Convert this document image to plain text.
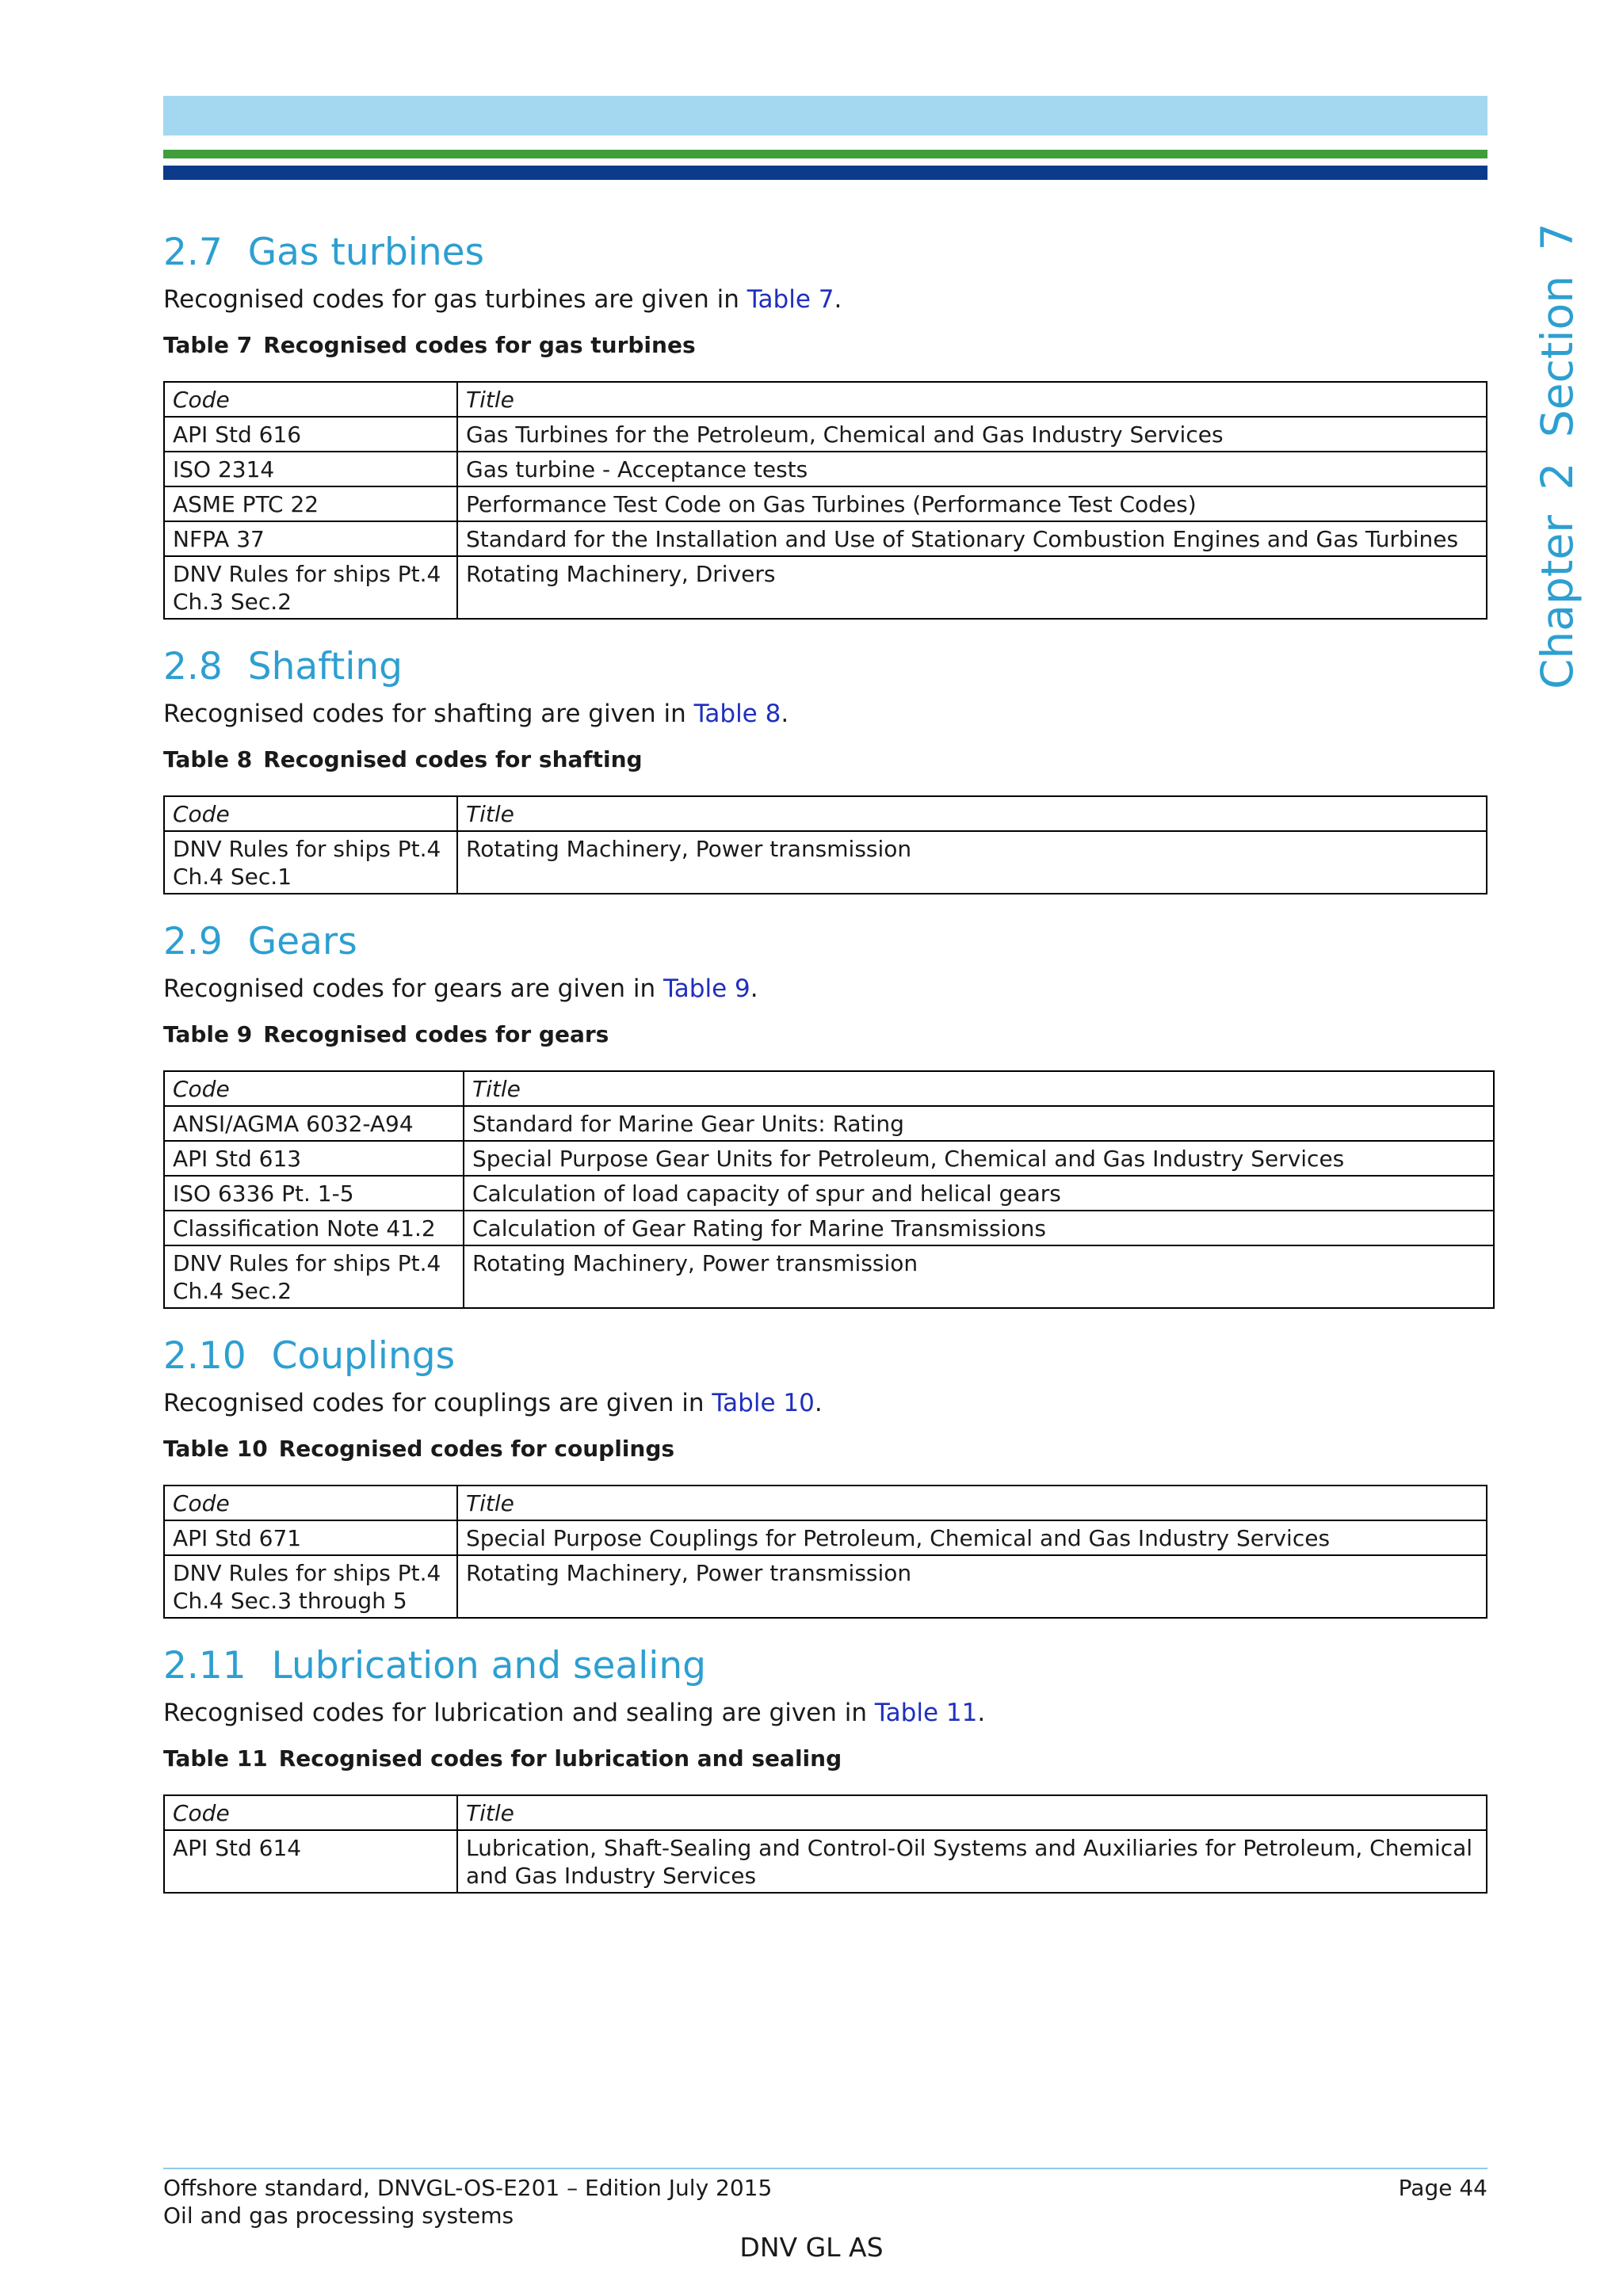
Chapter 2 Section 7
2.7 Gas turbines

Recognised codes for gas turbines are given in Table 7.

Table 7 Recognised codes for gas turbines
Code	Title
API Std 616	Gas Turbines for the Petroleum, Chemical and Gas Industry Services
ISO 2314	Gas turbine - Acceptance tests
ASME PTC 22	Performance Test Code on Gas Turbines (Performance Test Codes)
NFPA 37	Standard for the Installation and Use of Stationary Combustion Engines and Gas Turbines
DNV Rules for ships Pt.4 Ch.3 Sec.2	Rotating Machinery, Drivers
2.8 Shafting

Recognised codes for shafting are given in Table 8.

Table 8 Recognised codes for shafting
Code	Title
DNV Rules for ships Pt.4 Ch.4 Sec.1	Rotating Machinery, Power transmission
2.9 Gears

Recognised codes for gears are given in Table 9.

Table 9 Recognised codes for gears
Code	Title
ANSI/AGMA 6032-A94	Standard for Marine Gear Units: Rating
API Std 613	Special Purpose Gear Units for Petroleum, Chemical and Gas Industry Services
ISO 6336 Pt. 1-5	Calculation of load capacity of spur and helical gears
Classification Note 41.2	Calculation of Gear Rating for Marine Transmissions
DNV Rules for ships Pt.4 Ch.4 Sec.2	Rotating Machinery, Power transmission
2.10 Couplings

Recognised codes for couplings are given in Table 10.

Table 10 Recognised codes for couplings
Code	Title
API Std 671	Special Purpose Couplings for Petroleum, Chemical and Gas Industry Services
DNV Rules for ships Pt.4 Ch.4 Sec.3 through 5	Rotating Machinery, Power transmission
2.11 Lubrication and sealing

Recognised codes for lubrication and sealing are given in Table 11.

Table 11 Recognised codes for lubrication and sealing
Code	Title
API Std 614	Lubrication, Shaft-Sealing and Control-Oil Systems and Auxiliaries for Petroleum, Chemical and Gas Industry Services
Offshore standard, DNVGL-OS-E201 – Edition July 2015
Oil and gas processing systems
Page 44
DNV GL AS
